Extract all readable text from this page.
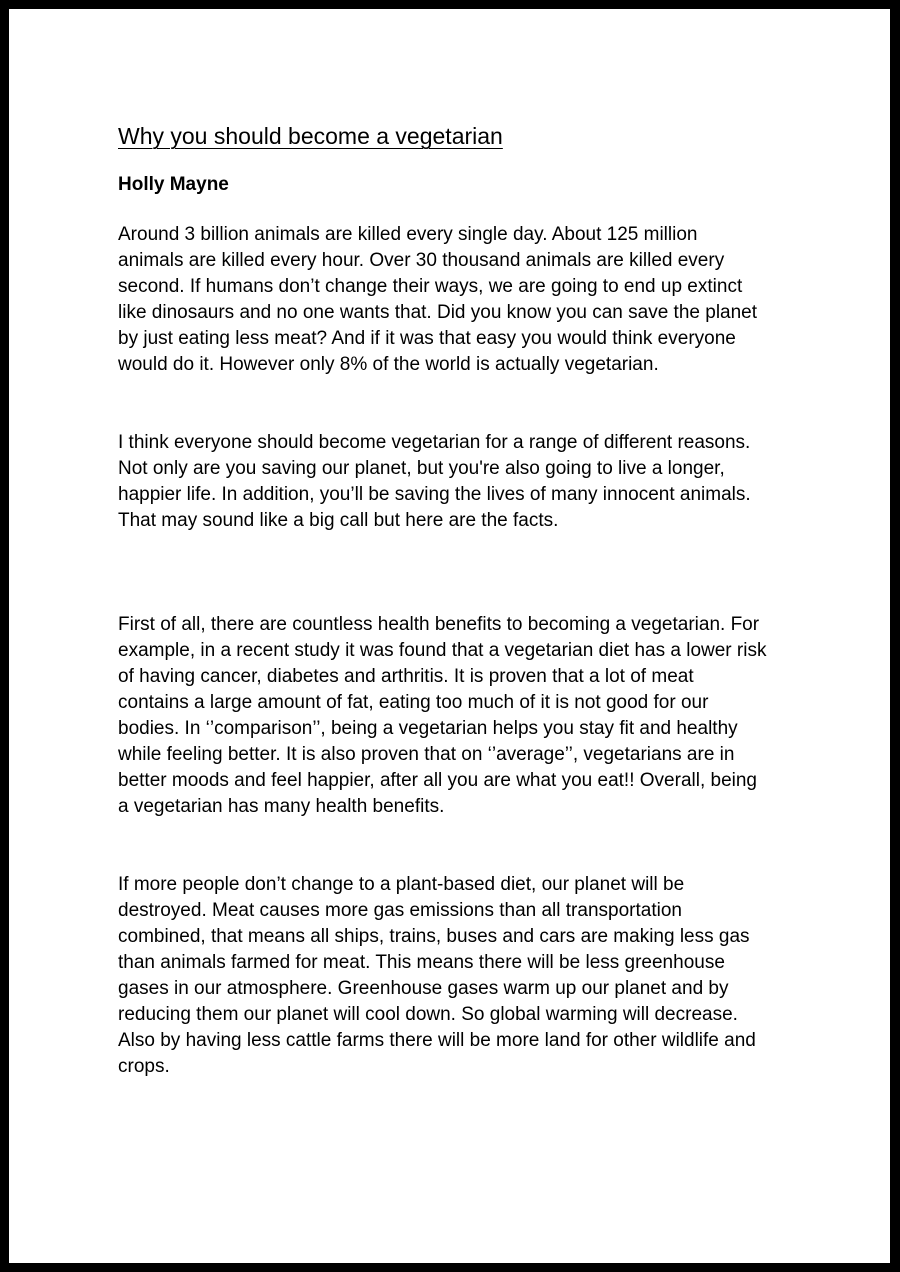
Why you should become a vegetarian

Holly Mayne

Around 3 billion animals are killed every single day. About 125 million
animals are killed every hour. Over 30 thousand animals are killed every
second. If humans don’t change their ways, we are going to end up extinct
like dinosaurs and no one wants that. Did you know you can save the planet
by just eating less meat? And if it was that easy you would think everyone
would do it. However only 8% of the world is actually vegetarian.

I think everyone should become vegetarian for a range of different reasons.
Not only are you saving our planet, but you're also going to live a longer,
happier life. In addition, you’ll be saving the lives of many innocent animals.
That may sound like a big call but here are the facts.

First of all, there are countless health benefits to becoming a vegetarian. For
example, in a recent study it was found that a vegetarian diet has a lower risk
of having cancer, diabetes and arthritis. It is proven that a lot of meat
contains a large amount of fat, eating too much of it is not good for our
bodies. In ‘’comparison’’, being a vegetarian helps you stay fit and healthy
while feeling better. It is also proven that on ‘’average’’, vegetarians are in
better moods and feel happier, after all you are what you eat!! Overall, being
a vegetarian has many health benefits.

If more people don’t change to a plant-based diet, our planet will be
destroyed. Meat causes more gas emissions than all transportation
combined, that means all ships, trains, buses and cars are making less gas
than animals farmed for meat. This means there will be less greenhouse
gases in our atmosphere. Greenhouse gases warm up our planet and by
reducing them our planet will cool down. So global warming will decrease.
Also by having less cattle farms there will be more land for other wildlife and
crops.
